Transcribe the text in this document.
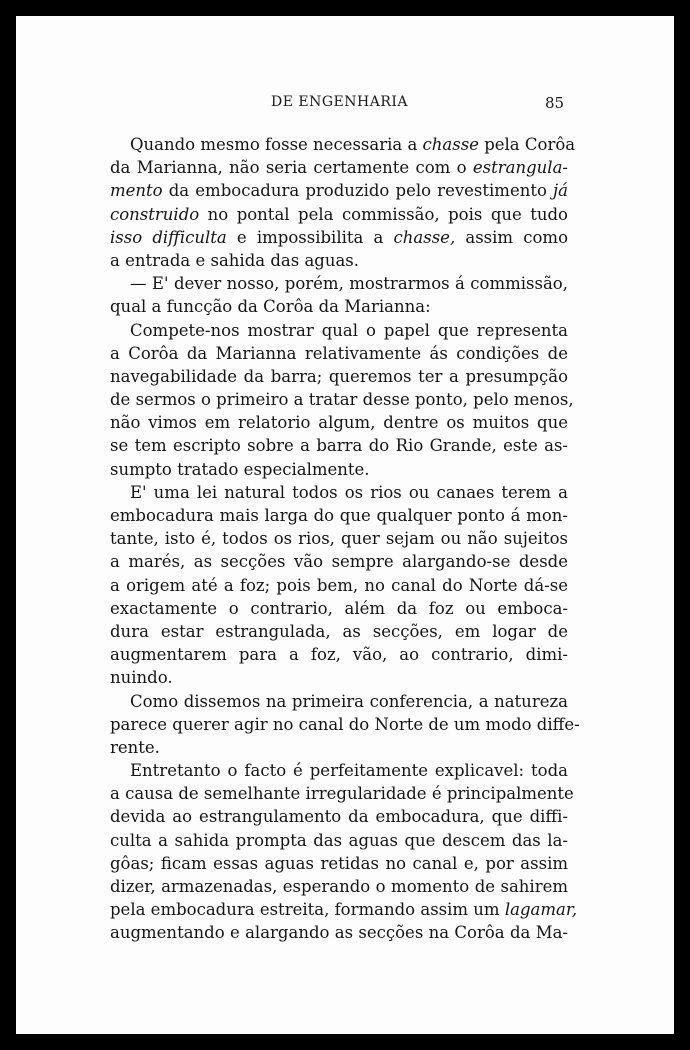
DE ENGENHARIA	85
Quando mesmo fosse necessaria a chasse pela Corôa
da Marianna, não seria certamente com o estrangula-
mento da embocadura produzido pelo revestimento já
construido no pontal pela commissão, pois que tudo
isso difficulta e impossibilita a chasse, assim como
a entrada e sahida das aguas.
— E' dever nosso, porém, mostrarmos á commissão,
qual a funcção da Corôa da Marianna:
Compete-nos mostrar qual o papel que representa
a Corôa da Marianna relativamente ás condições de
navegabilidade da barra; queremos ter a presumpção
de sermos o primeiro a tratar desse ponto, pelo menos,
não vimos em relatorio algum, dentre os muitos que
se tem escripto sobre a barra do Rio Grande, este as-
sumpto tratado especialmente.
E' uma lei natural todos os rios ou canaes terem a
embocadura mais larga do que qualquer ponto á mon-
tante, isto é, todos os rios, quer sejam ou não sujeitos
a marés, as secções vão sempre alargando-se desde
a origem até a foz; pois bem, no canal do Norte dá-se
exactamente o contrario, além da foz ou emboca-
dura estar estrangulada, as secções, em logar de
augmentarem para a foz, vão, ao contrario, dimi-
nuindo.
Como dissemos na primeira conferencia, a natureza
parece querer agir no canal do Norte de um modo diffe-
rente.
Entretanto o facto é perfeitamente explicavel: toda
a causa de semelhante irregularidade é principalmente
devida ao estrangulamento da embocadura, que diffi-
culta a sahida prompta das aguas que descem das la-
gôas; ficam essas aguas retidas no canal e, por assim
dizer, armazenadas, esperando o momento de sahirem
pela embocadura estreita, formando assim um lagamar,
augmentando e alargando as secções na Corôa da Ma-
